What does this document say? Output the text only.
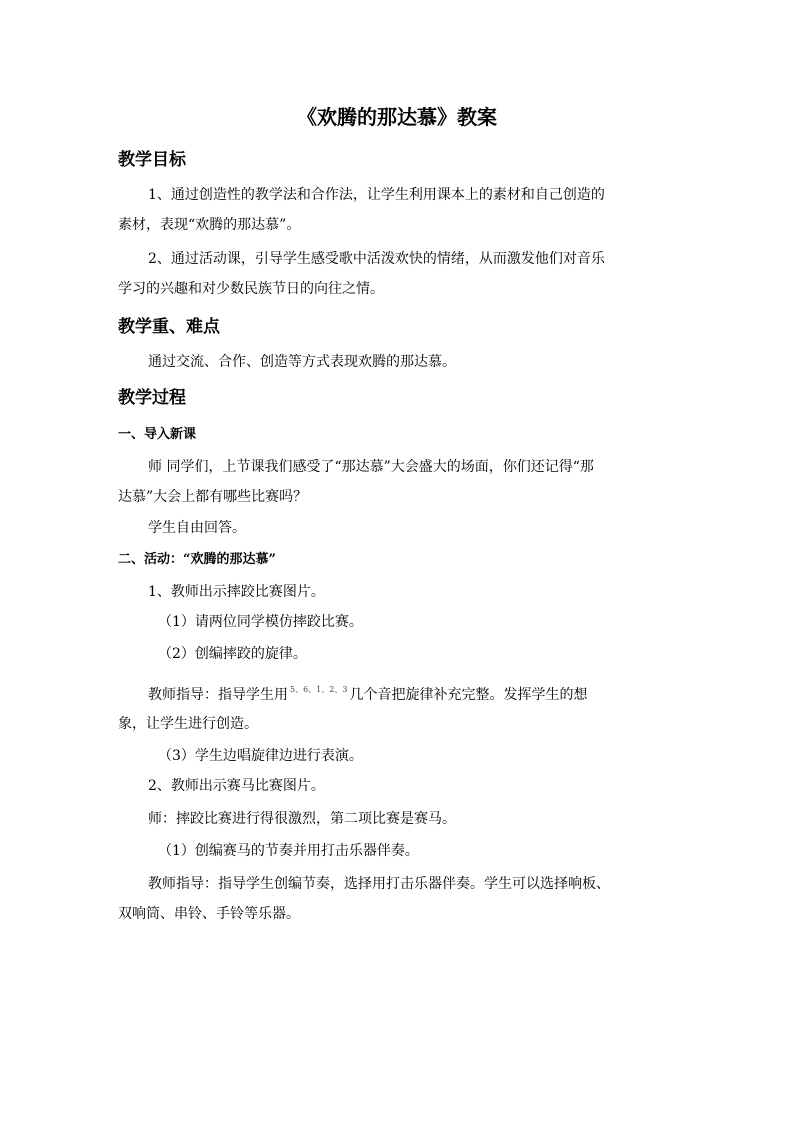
《欢腾的那达慕》教案
教学目标
1、通过创造性的教学法和合作法，让学生利用课本上的素材和自己创造的
素材，表现“欢腾的那达慕”。
2、通过活动课，引导学生感受歌中活泼欢快的情绪，从而激发他们对音乐
学习的兴趣和对少数民族节日的向往之情。
教学重、难点
通过交流、合作、创造等方式表现欢腾的那达慕。
教学过程
一、导入新课
师 同学们，上节课我们感受了“那达慕”大会盛大的场面，你们还记得“那
达慕”大会上都有哪些比赛吗？
学生自由回答。
二、活动：“欢腾的那达慕”
1、教师出示摔跤比赛图片。
（1）请两位同学模仿摔跤比赛。
（2）创编摔跤的旋律。
教师指导：指导学生用 5、6、1、2、3 几个音把旋律补充完整。发挥学生的想
象，让学生进行创造。
（3）学生边唱旋律边进行表演。
2、教师出示赛马比赛图片。
师：摔跤比赛进行得很激烈，第二项比赛是赛马。
（1）创编赛马的节奏并用打击乐器伴奏。
教师指导：指导学生创编节奏，选择用打击乐器伴奏。学生可以选择响板、
双响筒、串铃、手铃等乐器。
